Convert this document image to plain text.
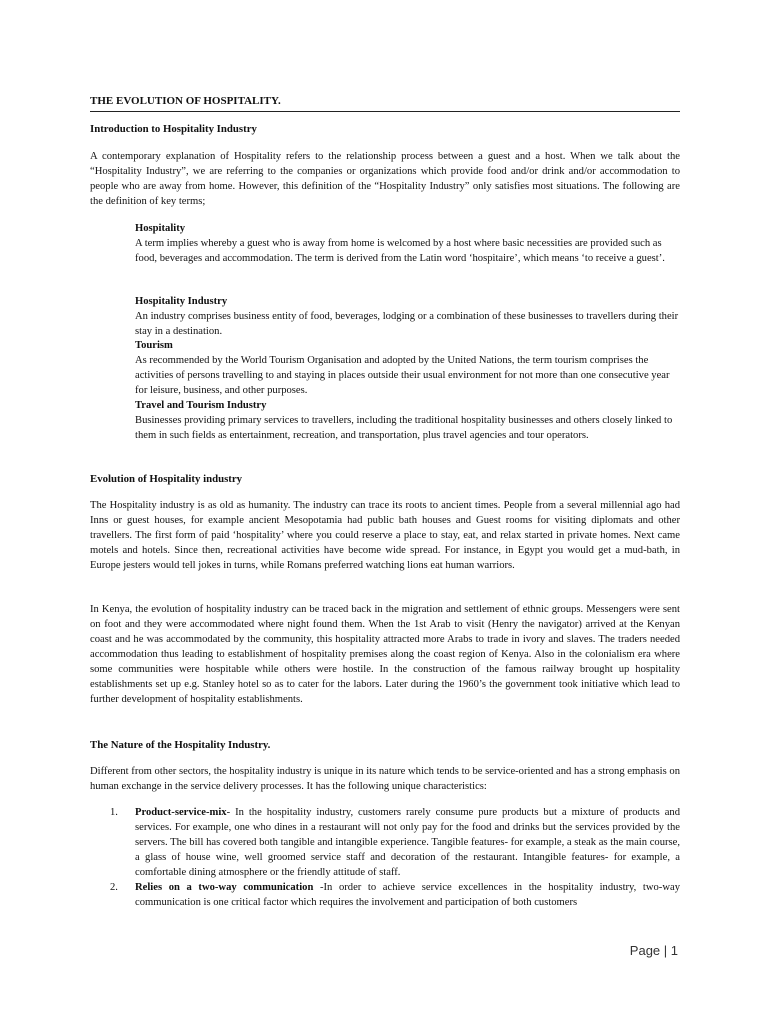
THE EVOLUTION OF HOSPITALITY.
Introduction to Hospitality Industry
A contemporary explanation of Hospitality refers to the relationship process between a guest and a host. When we talk about the “Hospitality Industry”, we are referring to the companies or organizations which provide food and/or drink and/or accommodation to people who are away from home. However, this definition of the “Hospitality Industry” only satisfies most situations. The following are the definition of key terms;
Hospitality
A term implies whereby a guest who is away from home is welcomed by a host where basic necessities are provided such as food, beverages and accommodation. The term is derived from the Latin word ‘hospitaire’, which means ‘to receive a guest’.
Hospitality Industry
An industry comprises business entity of food, beverages, lodging or a combination of these businesses to travellers during their stay in a destination.
Tourism
As recommended by the World Tourism Organisation and adopted by the United Nations, the term tourism comprises the activities of persons travelling to and staying in places outside their usual environment for not more than one consecutive year for leisure, business, and other purposes.
Travel and Tourism Industry
Businesses providing primary services to travellers, including the traditional hospitality businesses and others closely linked to them in such fields as entertainment, recreation, and transportation, plus travel agencies and tour operators.
Evolution of Hospitality industry
The Hospitality industry is as old as humanity. The industry can trace its roots to ancient times. People from a several millennial ago had Inns or guest houses, for example ancient Mesopotamia had public bath houses and Guest rooms for visiting diplomats and other travellers. The first form of paid ‘hospitality’ where you could reserve a place to stay, eat, and relax started in private homes. Next came motels and hotels. Since then, recreational activities have become wide spread. For instance, in Egypt you would get a mud-bath, in Europe jesters would tell jokes in turns, while Romans preferred watching lions eat human warriors.
In Kenya, the evolution of hospitality industry can be traced back in the migration and settlement of ethnic groups. Messengers were sent on foot and they were accommodated where night found them. When the 1st Arab to visit (Henry the navigator) arrived at the Kenyan coast and he was accommodated by the community, this hospitality attracted more Arabs to trade in ivory and slaves. The traders needed accommodation thus leading to establishment of hospitality premises along the coast region of Kenya. Also in the colonialism era where some communities were hospitable while others were hostile. In the construction of the famous railway brought up hospitality establishments set up e.g. Stanley hotel so as to cater for the labors. Later during the 1960’s the government took initiative which lead to further development of hospitality establishments.
The Nature of the Hospitality Industry.
Different from other sectors, the hospitality industry is unique in its nature which tends to be service-oriented and has a strong emphasis on human exchange in the service delivery processes. It has the following unique characteristics:
1. Product-service-mix- In the hospitality industry, customers rarely consume pure products but a mixture of products and services. For example, one who dines in a restaurant will not only pay for the food and drinks but the services provided by the servers. The bill has covered both tangible and intangible experience. Tangible features- for example, a steak as the main course, a glass of house wine, well groomed service staff and decoration of the restaurant. Intangible features- for example, a comfortable dining atmosphere or the friendly attitude of staff.
2. Relies on a two-way communication -In order to achieve service excellences in the hospitality industry, two-way communication is one critical factor which requires the involvement and participation of both customers
Page | 1
